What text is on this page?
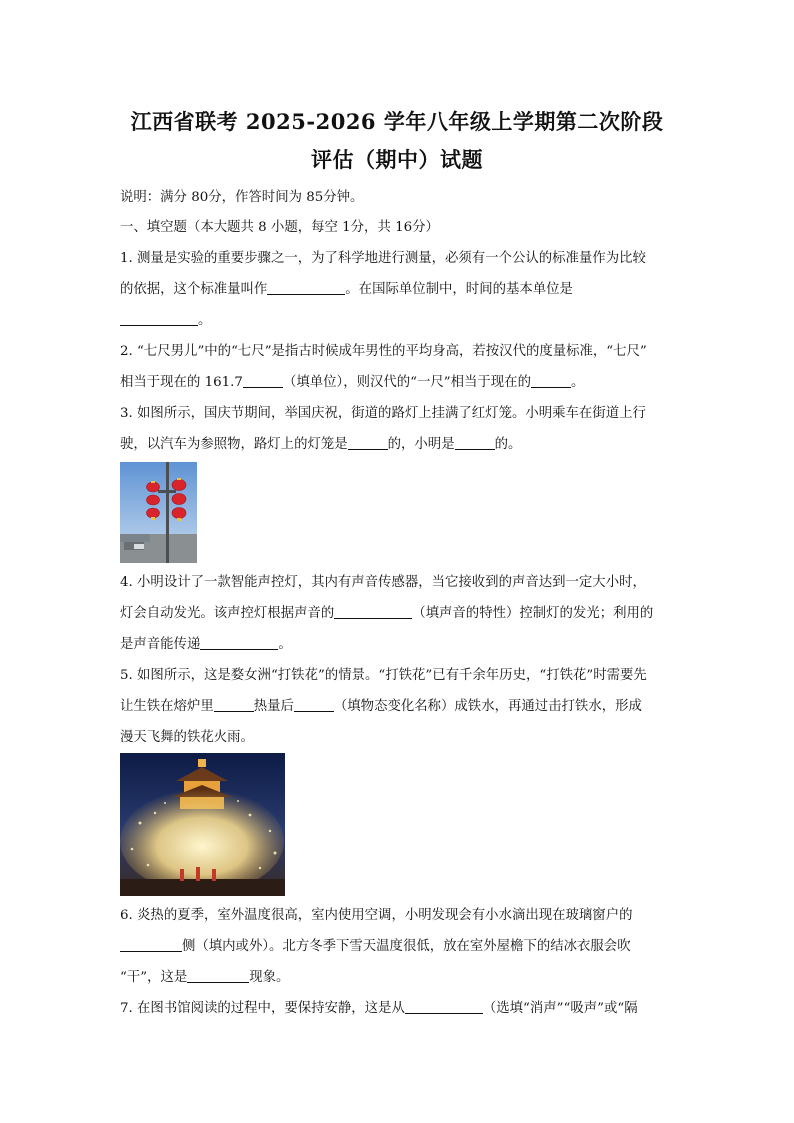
江西省联考 2025-2026 学年八年级上学期第二次阶段
评估（期中）试题
说明：满分 80分，作答时间为 85分钟。
一、填空题（本大题共 8 小题，每空 1分，共 16分）
1. 测量是实验的重要步骤之一，为了科学地进行测量，必须有一个公认的标准量作为比较
的依据，这个标准量叫作	。在国际单位制中，时间的基本单位是
。
2. “七尺男儿”中的“七尺”是指古时候成年男性的平均身高，若按汉代的度量标准，“七尺”
相当于现在的 161.7	（填单位），则汉代的“一尺”相当于现在的	。
3. 如图所示，国庆节期间，举国庆祝，街道的路灯上挂满了红灯笼。小明乘车在街道上行
驶，以汽车为参照物，路灯上的灯笼是	的，小明是	的。
4. 小明设计了一款智能声控灯，其内有声音传感器，当它接收到的声音达到一定大小时，
灯会自动发光。该声控灯根据声音的	（填声音的特性）控制灯的发光；利用的
是声音能传递	。
5. 如图所示，这是婺女洲“打铁花”的情景。“打铁花”已有千余年历史，“打铁花”时需要先
让生铁在熔炉里	热量后	（填物态变化名称）成铁水，再通过击打铁水，形成
漫天飞舞的铁花火雨。
6. 炎热的夏季，室外温度很高，室内使用空调，小明发现会有小水滴出现在玻璃窗户的
侧（填内或外）。北方冬季下雪天温度很低，放在室外屋檐下的结冰衣服会吹
“干”，这是	现象。
7. 在图书馆阅读的过程中，要保持安静，这是从	（选填“消声”“吸声”或“隔
